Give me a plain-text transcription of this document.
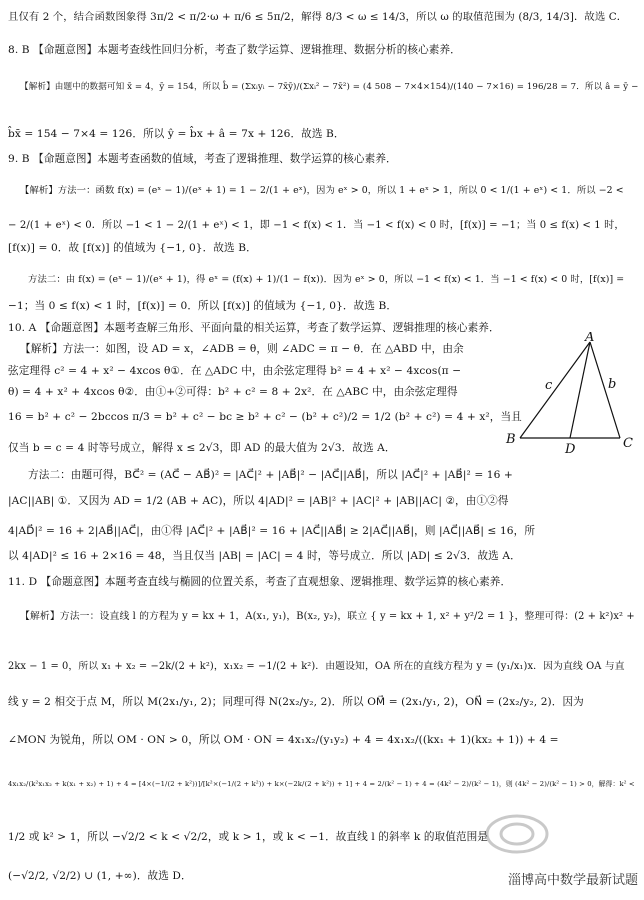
且仅有 2 个，结合函数图象得 3π/2 < π/2·ω + π/6 ≤ 5π/2，解得 8/3 < ω ≤ 14/3，所以 ω 的取值范围为 (8/3, 14/3]．故选 C．
8. B 【命题意图】本题考查线性回归分析，考查了数学运算、逻辑推理、数据分析的核心素养．
【解析】由题中的数据可知 x̄ = 4，ȳ = 154，所以 b̂ = (Σxᵢyᵢ − 7x̄ȳ)/(Σxᵢ² − 7x̄²) = (4 508 − 7×4×154)/(140 − 7×16) = 196/28 = 7．所以 â = ȳ −
b̂x̄ = 154 − 7×4 = 126．所以 ŷ = b̂x + â = 7x + 126．故选 B．
9. B 【命题意图】本题考查函数的值域，考查了逻辑推理、数学运算的核心素养．
【解析】方法一：函数 f(x) = (eˣ − 1)/(eˣ + 1) = 1 − 2/(1 + eˣ)，因为 eˣ > 0，所以 1 + eˣ > 1，所以 0 < 1/(1 + eˣ) < 1．所以 −2 <
− 2/(1 + eˣ) < 0．所以 −1 < 1 − 2/(1 + eˣ) < 1，即 −1 < f(x) < 1．当 −1 < f(x) < 0 时，[f(x)] = −1；当 0 ≤ f(x) < 1 时，
[f(x)] = 0．故 [f(x)] 的值域为 {−1, 0}．故选 B．
方法二：由 f(x) = (eˣ − 1)/(eˣ + 1)，得 eˣ = (f(x) + 1)/(1 − f(x))．因为 eˣ > 0，所以 −1 < f(x) < 1．当 −1 < f(x) < 0 时，[f(x)] =
−1；当 0 ≤ f(x) < 1 时，[f(x)] = 0．所以 [f(x)] 的值域为 {−1, 0}．故选 B．
10. A 【命题意图】本题考查解三角形、平面向量的相关运算，考查了数学运算、逻辑推理的核心素养．
【解析】方法一：如图，设 AD = x，∠ADB = θ，则 ∠ADC = π − θ．在 △ABD 中，由余
弦定理得 c² = 4 + x² − 4xcos θ①．在 △ADC 中，由余弦定理得 b² = 4 + x² − 4xcos(π −
θ) = 4 + x² + 4xcos θ②．由①+②可得：b² + c² = 8 + 2x²．在 △ABC 中，由余弦定理得
16 = b² + c² − 2bccos π/3 = b² + c² − bc ≥ b² + c² − (b² + c²)/2 = 1/2 (b² + c²) = 4 + x²，当且
仅当 b = c = 4 时等号成立，解得 x ≤ 2√3，即 AD 的最大值为 2√3．故选 A．
方法二：由题可得，BC⃗² = (AC⃗ − AB⃗)² = |AC⃗|² + |AB⃗|² − |AC⃗||AB⃗|，所以 |AC⃗|² + |AB⃗|² = 16 +
|AC||AB| ①．又因为 AD = 1/2 (AB + AC)，所以 4|AD|² = |AB|² + |AC|² + |AB||AC| ②，由①②得
4|AD⃗|² = 16 + 2|AB⃗||AC⃗|，由①得 |AC⃗|² + |AB⃗|² = 16 + |AC⃗||AB⃗| ≥ 2|AC⃗||AB⃗|，则 |AC⃗||AB⃗| ≤ 16，所
以 4|AD|² ≤ 16 + 2×16 = 48，当且仅当 |AB| = |AC| = 4 时，等号成立．所以 |AD| ≤ 2√3．故选 A．
11. D 【命题意图】本题考查直线与椭圆的位置关系，考查了直观想象、逻辑推理、数学运算的核心素养．
【解析】方法一：设直线 l 的方程为 y = kx + 1，A(x₁, y₁)，B(x₂, y₂)，联立 { y = kx + 1, x² + y²/2 = 1 }，整理可得：(2 + k²)x² +
2kx − 1 = 0，所以 x₁ + x₂ = −2k/(2 + k²)，x₁x₂ = −1/(2 + k²)．由题设知，OA 所在的直线方程为 y = (y₁/x₁)x．因为直线 OA 与直
线 y = 2 相交于点 M，所以 M(2x₁/y₁, 2)；同理可得 N(2x₂/y₂, 2)．所以 OM⃗ = (2x₁/y₁, 2)，ON⃗ = (2x₂/y₂, 2)．因为
∠MON 为锐角，所以 OM · ON > 0，所以 OM · ON = 4x₁x₂/(y₁y₂) + 4 = 4x₁x₂/((kx₁ + 1)(kx₂ + 1)) + 4 =
4x₁x₂/(k²x₁x₂ + k(x₁ + x₂) + 1) + 4 = [4×(−1/(2 + k²))]/[k²×(−1/(2 + k²)) + k×(−2k/(2 + k²)) + 1] + 4 = 2/(k² − 1) + 4 = (4k² − 2)/(k² − 1)，则 (4k² − 2)/(k² − 1) > 0，解得：k² <
1/2 或 k² > 1，所以 −√2/2 < k < √2/2，或 k > 1，或 k < −1．故直线 l 的斜率 k 的取值范围是
(−√2/2, √2/2) ∪ (1, +∞)．故选 D．
A
B	C
D
b
c
淄博高中数学最新试题
